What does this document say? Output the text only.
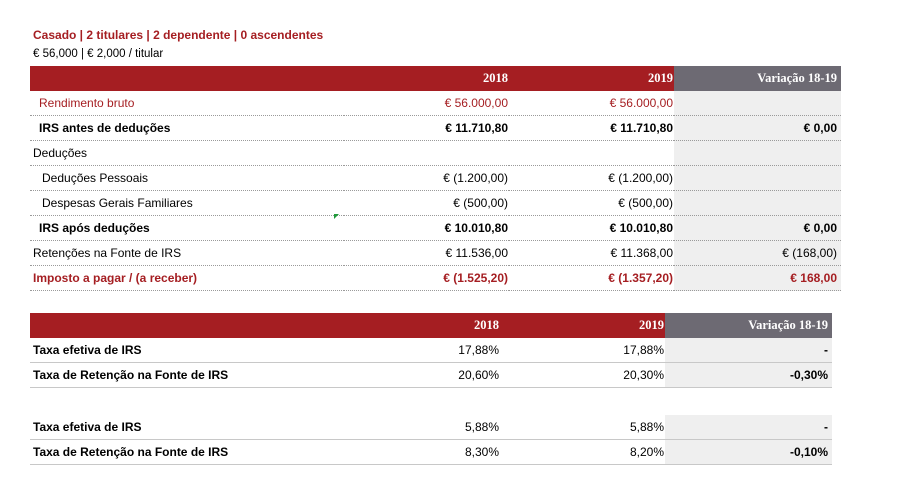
Casado | 2 titulares | 2 dependente | 0 ascendentes
€ 56,000 | € 2,000 / titular
	2018	2019	Variação 18-19
Rendimento bruto	€ 56.000,00	€ 56.000,00	
IRS antes de deduções	€ 11.710,80	€ 11.710,80	€ 0,00
Deduções			
Deduções Pessoais	€ (1.200,00)	€ (1.200,00)	
Despesas Gerais Familiares	€ (500,00)	€ (500,00)	
IRS após deduções	€ 10.010,80	€ 10.010,80	€ 0,00
Retenções na Fonte de IRS	€ 11.536,00	€ 11.368,00	€ (168,00)
Imposto a pagar / (a receber)	€ (1.525,20)	€ (1.357,20)	€ 168,00
	2018	2019	Variação 18-19
Taxa efetiva de IRS	17,88%	17,88%	-
Taxa de Retenção na Fonte de IRS	20,60%	20,30%	-0,30%
Taxa efetiva de IRS	5,88%	5,88%	-
Taxa de Retenção na Fonte de IRS	8,30%	8,20%	-0,10%
